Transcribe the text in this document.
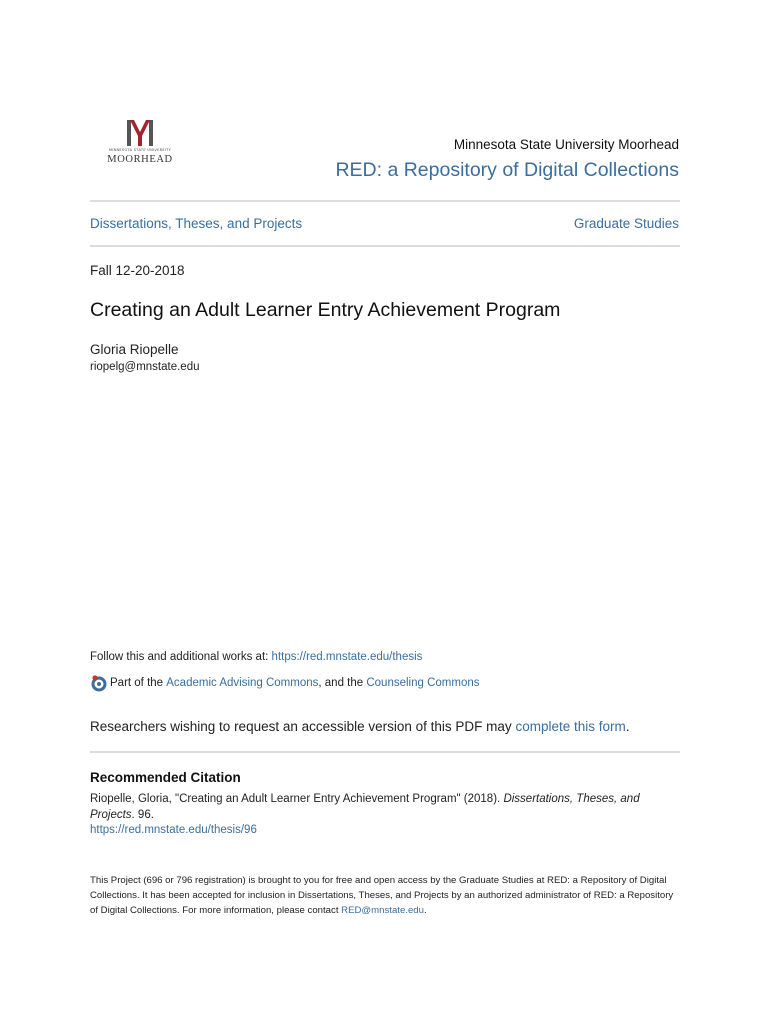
MINNESOTA STATE UNIVERSITY
MOORHEAD
Minnesota State University Moorhead
RED: a Repository of Digital Collections
Dissertations, Theses, and Projects	Graduate Studies
Fall 12-20-2018
Creating an Adult Learner Entry Achievement Program
Gloria Riopelle
riopelg@mnstate.edu
Follow this and additional works at: https://red.mnstate.edu/thesis
Part of the
Academic Advising Commons , and the
Counseling Commons
Researchers wishing to request an accessible version of this PDF may complete this form.
Recommended Citation
Riopelle, Gloria, "Creating an Adult Learner Entry Achievement Program" (2018). Dissertations, Theses, and Projects. 96.
https://red.mnstate.edu/thesis/96
This Project (696 or 796 registration) is brought to you for free and open access by the Graduate Studies at RED: a Repository of Digital Collections. It has been accepted for inclusion in Dissertations, Theses, and Projects by an authorized administrator of RED: a Repository of Digital Collections. For more information, please contact RED@mnstate.edu.
